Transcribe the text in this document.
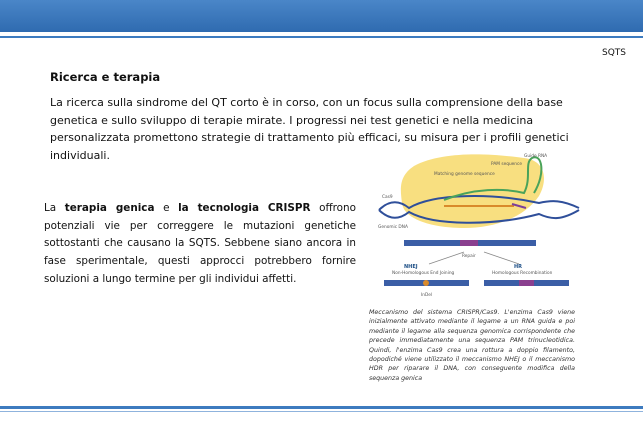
SQTS
Ricerca e terapia
La ricerca sulla sindrome del QT corto è in corso, con un focus sulla comprensione della base genetica e sullo sviluppo di terapie mirate. I progressi nei test genetici e nella medicina personalizzata promettono strategie di trattamento più efficaci, su misura per i profili genetici individuali.
La terapia genica e la tecnologia CRISPR offrono potenziali vie per correggere le mutazioni genetiche sottostanti che causano la SQTS. Sebbene siano ancora in fase sperimentale, questi approcci potrebbero fornire soluzioni a lungo termine per gli individui affetti.
PAM sequence
Guide RNA
Matching genome sequence
Cas9
Genomic DNA
Repair
NHEJ
Non-Homologous End Joining
HR
Homologous Recombination
InDel
Meccanismo del sistema CRISPR/Cas9. L'enzima Cas9 viene inizialmente attivato mediante il legame a un RNA guida e poi mediante il legame alla sequenza genomica corrispondente che precede immediatamente una sequenza PAM trinucleotidica. Quindi, l'enzima Cas9 crea una rottura a doppio filamento, dopodiché viene utilizzato il meccanismo NHEJ o il meccanismo HDR per riparare il DNA, con conseguente modifica della sequenza genica
